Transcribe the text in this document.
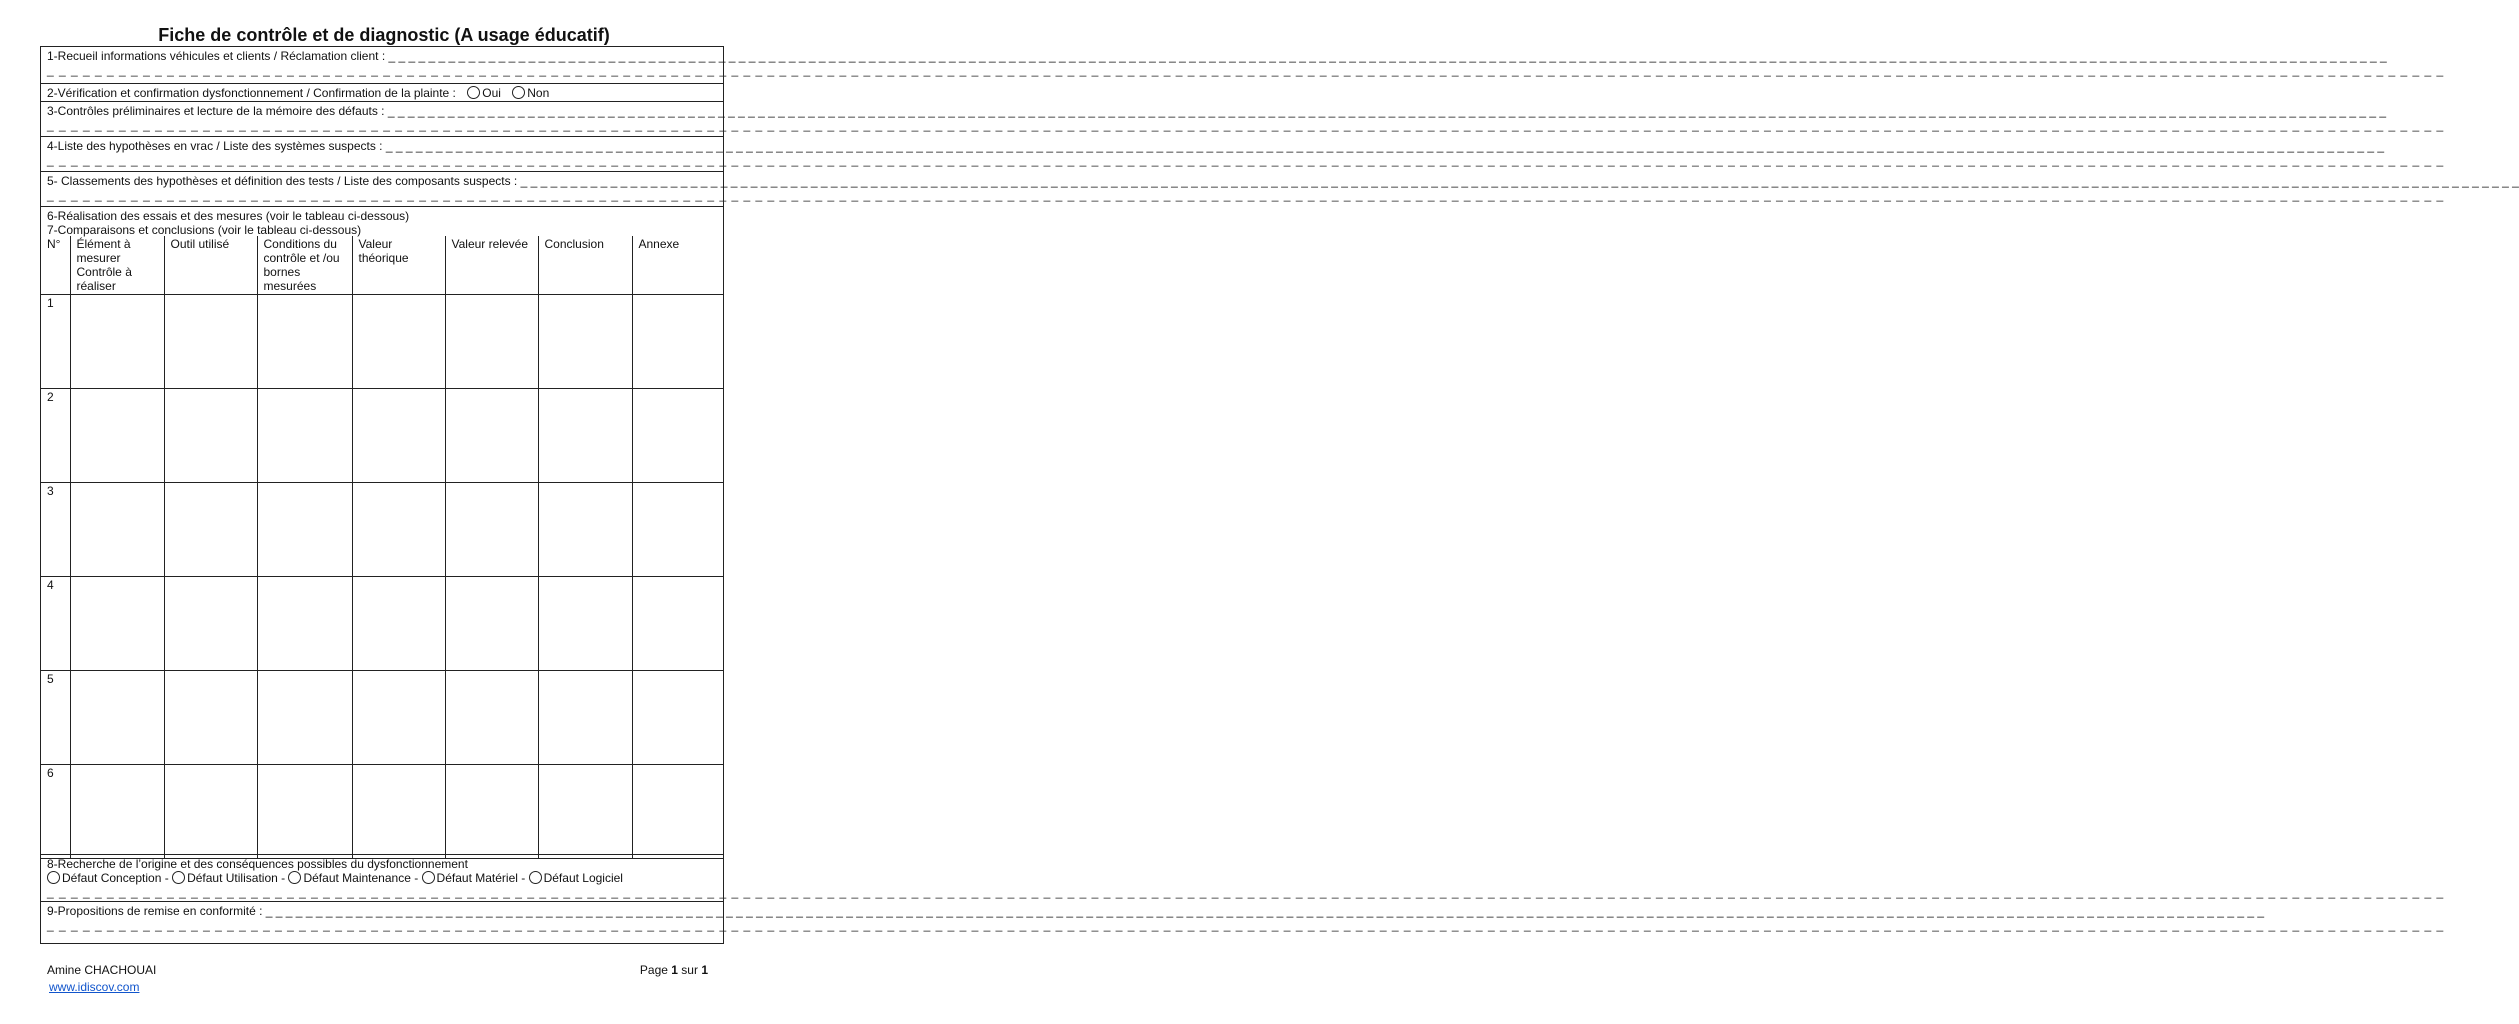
Fiche de contrôle et de diagnostic (A usage éducatif)
1-Recueil informations véhicules et clients / Réclamation client : _ _ _ _ _ _ _ _ _ _ _ _ _ _ _ _ _ _ _ _ _ _ _ _ _ _ _ _ _ _ _ _ _ _ _ _ _ _ _ _ _ _ _ _ _ _ _ _ _ _ _ _ _ _ _ _ _ _ _ _ _ _ _ _ _ _ _ _ _ _ _ _ _ _ _ _ _ _ _ _ _ _ _ _ _ _ _ _ _ _ _ _ _ _ _ _ _ _ _ _ _ _ _ _ _ _ _ _ _ _ _ _ _ _ _ _ _ _ _ _ _ _ _ _ _ _ _ _ _ _ _ _ _ _ _ _ _ _ _ _ _ _ _ _ _ _ _ _ _ _ _ _ _ _ _ _ _ _ _ _ _ _ _ _ _ _ _ _ _ _ _ _ _ _ _ _ _ _ _ _ _ _ _ _ _ _ _ _ _ _ _ _ _ _ _ _ _ _ _ _
_ _ _ _ _ _ _ _ _ _ _ _ _ _ _ _ _ _ _ _ _ _ _ _ _ _ _ _ _ _ _ _ _ _ _ _ _ _ _ _ _ _ _ _ _ _ _ _ _ _ _ _ _ _ _ _ _ _ _ _ _ _ _ _ _ _ _ _ _ _ _ _ _ _ _ _ _ _ _ _ _ _ _ _ _ _ _ _ _ _ _ _ _ _ _ _ _ _ _ _ _ _ _ _ _ _ _ _ _ _ _ _ _ _ _ _ _ _ _ _ _ _ _ _ _ _ _ _ _ _ _ _ _ _ _ _ _ _ _ _ _ _ _ _ _ _ _ _ _ _ _ _ _ _ _ _ _ _ _ _ _ _ _ _ _ _ _ _ _ _ _ _ _ _ _ _ _ _ _ _ _ _ _ _ _ _ _ _ _ _ _ _ _ _ _ _ _ _ _ _
2-Vérification et confirmation dysfonctionnement / Confirmation de la plainte : Oui Non
3-Contrôles préliminaires et lecture de la mémoire des défauts : _ _ _ _ _ _ _ _ _ _ _ _ _ _ _ _ _ _ _ _ _ _ _ _ _ _ _ _ _ _ _ _ _ _ _ _ _ _ _ _ _ _ _ _ _ _ _ _ _ _ _ _ _ _ _ _ _ _ _ _ _ _ _ _ _ _ _ _ _ _ _ _ _ _ _ _ _ _ _ _ _ _ _ _ _ _ _ _ _ _ _ _ _ _ _ _ _ _ _ _ _ _ _ _ _ _ _ _ _ _ _ _ _ _ _ _ _ _ _ _ _ _ _ _ _ _ _ _ _ _ _ _ _ _ _ _ _ _ _ _ _ _ _ _ _ _ _ _ _ _ _ _ _ _ _ _ _ _ _ _ _ _ _ _ _ _ _ _ _ _ _ _ _ _ _ _ _ _ _ _ _ _ _ _ _ _ _ _ _ _ _ _ _ _ _ _ _ _ _ _
_ _ _ _ _ _ _ _ _ _ _ _ _ _ _ _ _ _ _ _ _ _ _ _ _ _ _ _ _ _ _ _ _ _ _ _ _ _ _ _ _ _ _ _ _ _ _ _ _ _ _ _ _ _ _ _ _ _ _ _ _ _ _ _ _ _ _ _ _ _ _ _ _ _ _ _ _ _ _ _ _ _ _ _ _ _ _ _ _ _ _ _ _ _ _ _ _ _ _ _ _ _ _ _ _ _ _ _ _ _ _ _ _ _ _ _ _ _ _ _ _ _ _ _ _ _ _ _ _ _ _ _ _ _ _ _ _ _ _ _ _ _ _ _ _ _ _ _ _ _ _ _ _ _ _ _ _ _ _ _ _ _ _ _ _ _ _ _ _ _ _ _ _ _ _ _ _ _ _ _ _ _ _ _ _ _ _ _ _ _ _ _ _ _ _ _ _ _ _ _
4-Liste des hypothèses en vrac / Liste des systèmes suspects : _ _ _ _ _ _ _ _ _ _ _ _ _ _ _ _ _ _ _ _ _ _ _ _ _ _ _ _ _ _ _ _ _ _ _ _ _ _ _ _ _ _ _ _ _ _ _ _ _ _ _ _ _ _ _ _ _ _ _ _ _ _ _ _ _ _ _ _ _ _ _ _ _ _ _ _ _ _ _ _ _ _ _ _ _ _ _ _ _ _ _ _ _ _ _ _ _ _ _ _ _ _ _ _ _ _ _ _ _ _ _ _ _ _ _ _ _ _ _ _ _ _ _ _ _ _ _ _ _ _ _ _ _ _ _ _ _ _ _ _ _ _ _ _ _ _ _ _ _ _ _ _ _ _ _ _ _ _ _ _ _ _ _ _ _ _ _ _ _ _ _ _ _ _ _ _ _ _ _ _ _ _ _ _ _ _ _ _ _ _ _ _ _ _ _ _ _ _ _ _
_ _ _ _ _ _ _ _ _ _ _ _ _ _ _ _ _ _ _ _ _ _ _ _ _ _ _ _ _ _ _ _ _ _ _ _ _ _ _ _ _ _ _ _ _ _ _ _ _ _ _ _ _ _ _ _ _ _ _ _ _ _ _ _ _ _ _ _ _ _ _ _ _ _ _ _ _ _ _ _ _ _ _ _ _ _ _ _ _ _ _ _ _ _ _ _ _ _ _ _ _ _ _ _ _ _ _ _ _ _ _ _ _ _ _ _ _ _ _ _ _ _ _ _ _ _ _ _ _ _ _ _ _ _ _ _ _ _ _ _ _ _ _ _ _ _ _ _ _ _ _ _ _ _ _ _ _ _ _ _ _ _ _ _ _ _ _ _ _ _ _ _ _ _ _ _ _ _ _ _ _ _ _ _ _ _ _ _ _ _ _ _ _ _ _ _ _ _ _ _
5- Classements des hypothèses et définition des tests / Liste des composants suspects : _ _ _ _ _ _ _ _ _ _ _ _ _ _ _ _ _ _ _ _ _ _ _ _ _ _ _ _ _ _ _ _ _ _ _ _ _ _ _ _ _ _ _ _ _ _ _ _ _ _ _ _ _ _ _ _ _ _ _ _ _ _ _ _ _ _ _ _ _ _ _ _ _ _ _ _ _ _ _ _ _ _ _ _ _ _ _ _ _ _ _ _ _ _ _ _ _ _ _ _ _ _ _ _ _ _ _ _ _ _ _ _ _ _ _ _ _ _ _ _ _ _ _ _ _ _ _ _ _ _ _ _ _ _ _ _ _ _ _ _ _ _ _ _ _ _ _ _ _ _ _ _ _ _ _ _ _ _ _ _ _ _ _ _ _ _ _ _ _ _ _ _ _ _ _ _ _ _ _ _ _ _ _ _ _ _ _ _ _ _ _ _ _ _ _ _ _ _ _ _
_ _ _ _ _ _ _ _ _ _ _ _ _ _ _ _ _ _ _ _ _ _ _ _ _ _ _ _ _ _ _ _ _ _ _ _ _ _ _ _ _ _ _ _ _ _ _ _ _ _ _ _ _ _ _ _ _ _ _ _ _ _ _ _ _ _ _ _ _ _ _ _ _ _ _ _ _ _ _ _ _ _ _ _ _ _ _ _ _ _ _ _ _ _ _ _ _ _ _ _ _ _ _ _ _ _ _ _ _ _ _ _ _ _ _ _ _ _ _ _ _ _ _ _ _ _ _ _ _ _ _ _ _ _ _ _ _ _ _ _ _ _ _ _ _ _ _ _ _ _ _ _ _ _ _ _ _ _ _ _ _ _ _ _ _ _ _ _ _ _ _ _ _ _ _ _ _ _ _ _ _ _ _ _ _ _ _ _ _ _ _ _ _ _ _ _ _ _ _ _
6-Réalisation des essais et des mesures (voir le tableau ci-dessous)
7-Comparaisons et conclusions (voir le tableau ci-dessous)
N°	Élément à mesurer Contrôle à réaliser	Outil utilisé	Conditions du contrôle et /ou bornes mesurées	Valeur théorique	Valeur relevée	Conclusion	Annexe
1							
2							
3							
4							
5							
6							
8-Recherche de l’origine et des conséquences possibles du dysfonctionnement
Défaut Conception - Défaut Utilisation - Défaut Maintenance - Défaut Matériel - Défaut Logiciel
_ _ _ _ _ _ _ _ _ _ _ _ _ _ _ _ _ _ _ _ _ _ _ _ _ _ _ _ _ _ _ _ _ _ _ _ _ _ _ _ _ _ _ _ _ _ _ _ _ _ _ _ _ _ _ _ _ _ _ _ _ _ _ _ _ _ _ _ _ _ _ _ _ _ _ _ _ _ _ _ _ _ _ _ _ _ _ _ _ _ _ _ _ _ _ _ _ _ _ _ _ _ _ _ _ _ _ _ _ _ _ _ _ _ _ _ _ _ _ _ _ _ _ _ _ _ _ _ _ _ _ _ _ _ _ _ _ _ _ _ _ _ _ _ _ _ _ _ _ _ _ _ _ _ _ _ _ _ _ _ _ _ _ _ _ _ _ _ _ _ _ _ _ _ _ _ _ _ _ _ _ _ _ _ _ _ _ _ _ _ _ _ _ _ _ _ _ _ _ _
9-Propositions de remise en conformité : _ _ _ _ _ _ _ _ _ _ _ _ _ _ _ _ _ _ _ _ _ _ _ _ _ _ _ _ _ _ _ _ _ _ _ _ _ _ _ _ _ _ _ _ _ _ _ _ _ _ _ _ _ _ _ _ _ _ _ _ _ _ _ _ _ _ _ _ _ _ _ _ _ _ _ _ _ _ _ _ _ _ _ _ _ _ _ _ _ _ _ _ _ _ _ _ _ _ _ _ _ _ _ _ _ _ _ _ _ _ _ _ _ _ _ _ _ _ _ _ _ _ _ _ _ _ _ _ _ _ _ _ _ _ _ _ _ _ _ _ _ _ _ _ _ _ _ _ _ _ _ _ _ _ _ _ _ _ _ _ _ _ _ _ _ _ _ _ _ _ _ _ _ _ _ _ _ _ _ _ _ _ _ _ _ _ _ _ _ _ _ _ _ _ _ _ _ _ _ _
_ _ _ _ _ _ _ _ _ _ _ _ _ _ _ _ _ _ _ _ _ _ _ _ _ _ _ _ _ _ _ _ _ _ _ _ _ _ _ _ _ _ _ _ _ _ _ _ _ _ _ _ _ _ _ _ _ _ _ _ _ _ _ _ _ _ _ _ _ _ _ _ _ _ _ _ _ _ _ _ _ _ _ _ _ _ _ _ _ _ _ _ _ _ _ _ _ _ _ _ _ _ _ _ _ _ _ _ _ _ _ _ _ _ _ _ _ _ _ _ _ _ _ _ _ _ _ _ _ _ _ _ _ _ _ _ _ _ _ _ _ _ _ _ _ _ _ _ _ _ _ _ _ _ _ _ _ _ _ _ _ _ _ _ _ _ _ _ _ _ _ _ _ _ _ _ _ _ _ _ _ _ _ _ _ _ _ _ _ _ _ _ _ _ _ _ _ _ _ _
Amine CHACHOUAI
www.idiscov.com
Page 1 sur 1
